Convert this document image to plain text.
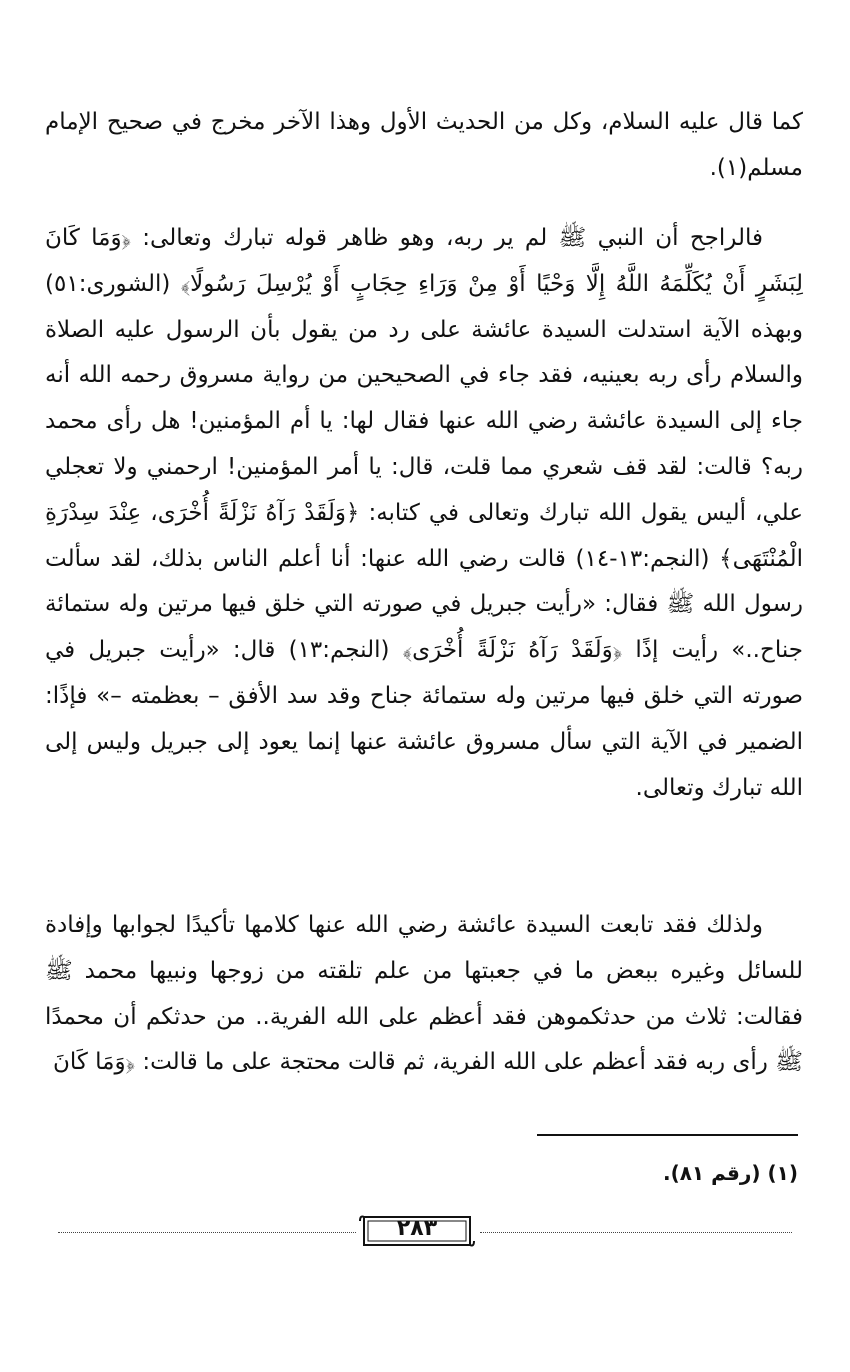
كما قال عليه السلام، وكل من الحديث الأول وهذا الآخر مخرج في صحيح الإمام مسلم(١).
فالراجح أن النبي ﷺ لم ير ربه، وهو ظاهر قوله تبارك وتعالى: ﴿وَمَا كَانَ لِبَشَرٍ أَنْ يُكَلِّمَهُ اللَّهُ إِلَّا وَحْيًا أَوْ مِنْ وَرَاءِ حِجَابٍ أَوْ يُرْسِلَ رَسُولًا﴾ (الشورى:٥١) وبهذه الآية استدلت السيدة عائشة على رد من يقول بأن الرسول عليه الصلاة والسلام رأى ربه بعينيه، فقد جاء في الصحيحين من رواية مسروق رحمه الله أنه جاء إلى السيدة عائشة رضي الله عنها فقال لها: يا أم المؤمنين! هل رأى محمد ربه؟ قالت: لقد قف شعري مما قلت، قال: يا أمر المؤمنين! ارحمني ولا تعجلي علي، أليس يقول الله تبارك وتعالى في كتابه: ﴿وَلَقَدْ رَآهُ نَزْلَةً أُخْرَى، عِنْدَ سِدْرَةِ الْمُنْتَهَى﴾ (النجم:١٣-١٤) قالت رضي الله عنها: أنا أعلم الناس بذلك، لقد سألت رسول الله ﷺ فقال: «رأيت جبريل في صورته التي خلق فيها مرتين وله ستمائة جناح..» رأيت إذًا ﴿وَلَقَدْ رَآهُ نَزْلَةً أُخْرَى﴾ (النجم:١٣) قال: «رأيت جبريل في صورته التي خلق فيها مرتين وله ستمائة جناح وقد سد الأفق – بعظمته –» فإذًا: الضمير في الآية التي سأل مسروق عائشة عنها إنما يعود إلى جبريل وليس إلى الله تبارك وتعالى.
ولذلك فقد تابعت السيدة عائشة رضي الله عنها كلامها تأكيدًا لجوابها وإفادة للسائل وغيره ببعض ما في جعبتها من علم تلقته من زوجها ونبيها محمد ﷺ فقالت: ثلاث من حدثكموهن فقد أعظم على الله الفرية.. من حدثكم أن محمدًا ﷺ رأى ربه فقد أعظم على الله الفرية، ثم قالت محتجة على ما قالت: ﴿وَمَا كَانَ
(١) (رقم ٨١).
٢٨٣
